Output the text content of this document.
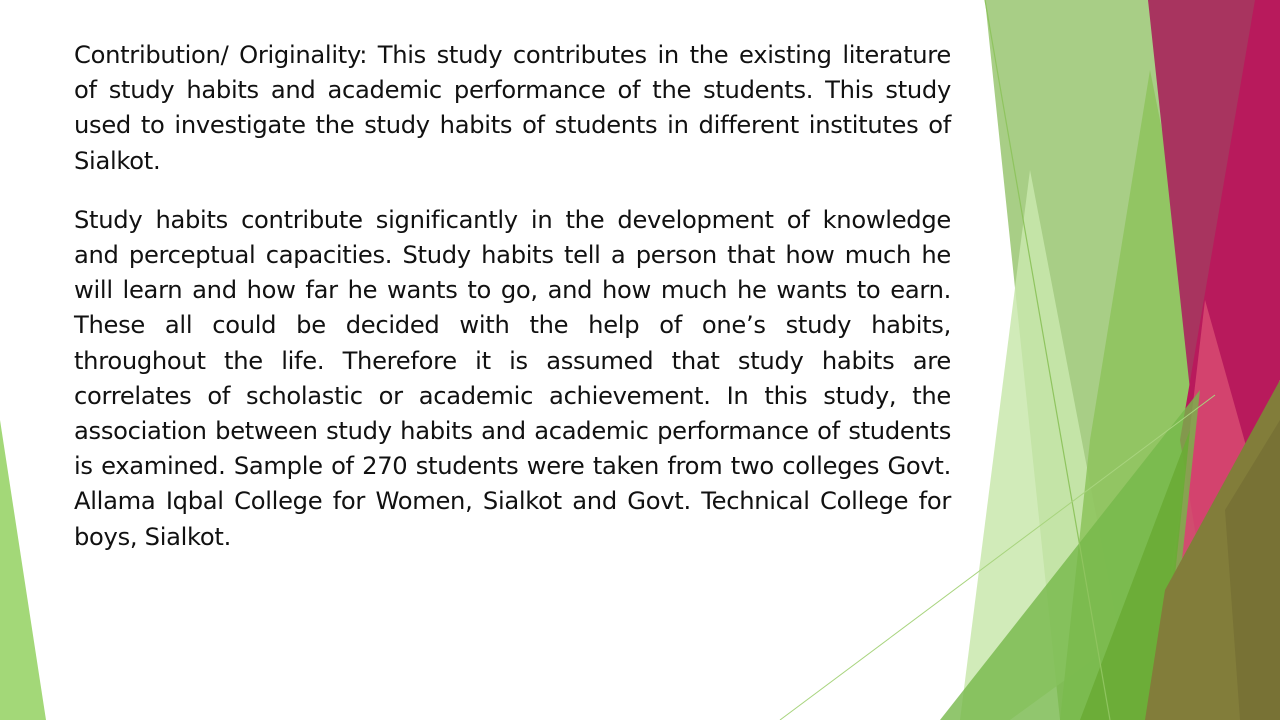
Contribution/ Originality: This study contributes in the existing literature of study habits and academic performance of the students. This study used to investigate the study habits of students in different institutes of Sialkot.

Study habits contribute significantly in the development of knowledge and perceptual capacities. Study habits tell a person that how much he will learn and how far he wants to go, and how much he wants to earn. These all could be decided with the help of one’s study habits, throughout the life. Therefore it is assumed that study habits are correlates of scholastic or academic achievement. In this study, the association between study habits and academic performance of students is examined. Sample of 270 students were taken from two colleges Govt. Allama Iqbal College for Women, Sialkot and Govt. Technical College for boys, Sialkot.
